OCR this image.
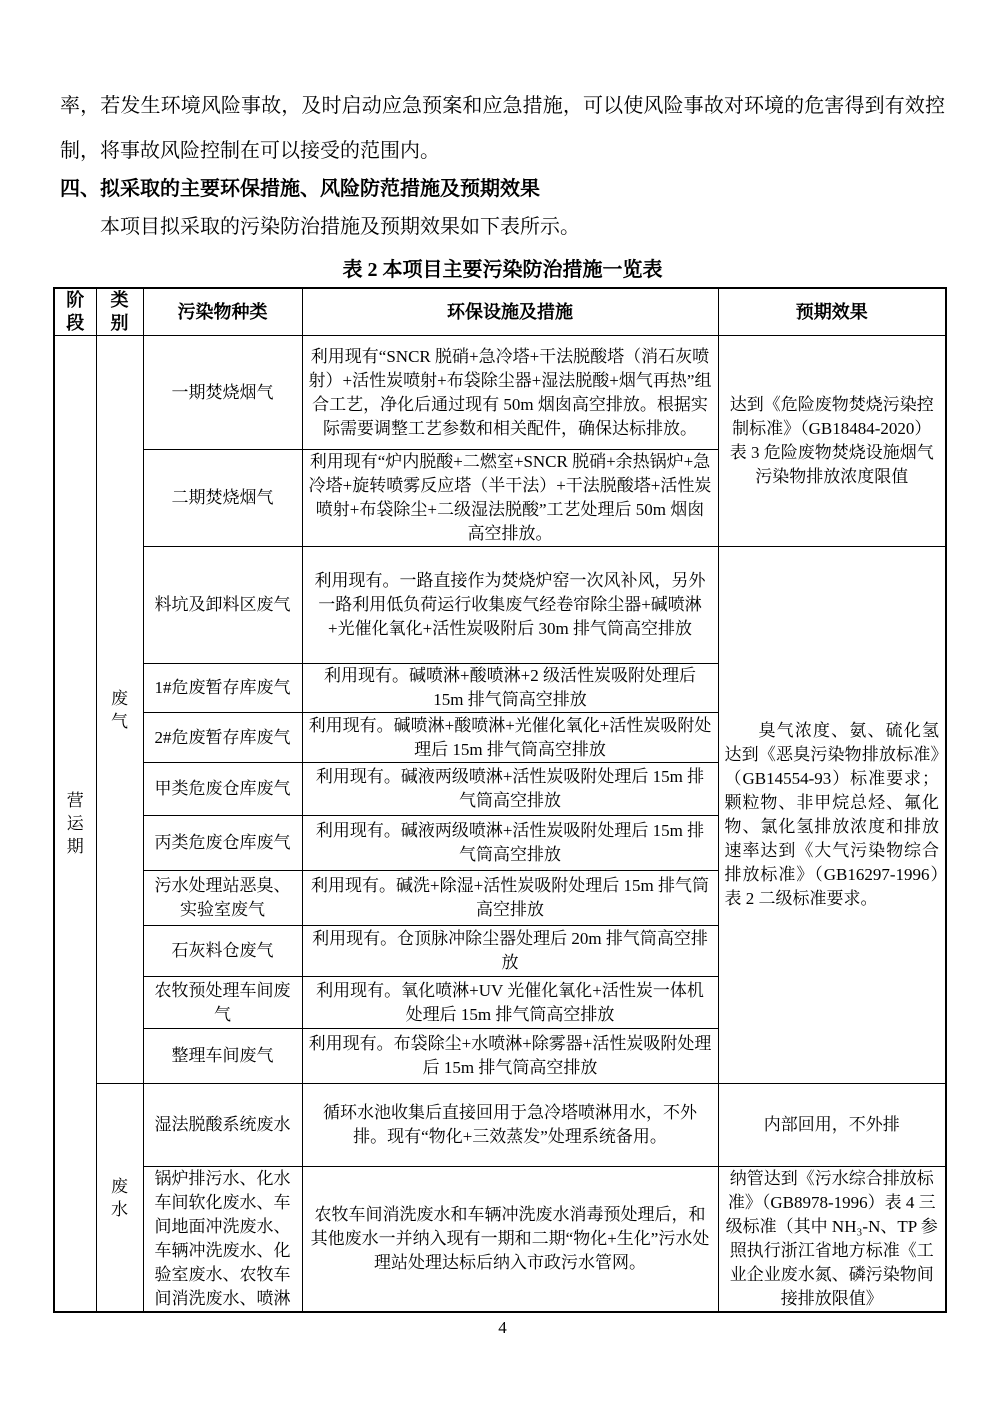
率，若发生环境风险事故，及时启动应急预案和应急措施，可以使风险事故对环境的危害得到有效控制，将事故风险控制在可以接受的范围内。

四、拟采取的主要环保措施、风险防范措施及预期效果

本项目拟采取的污染防治措施及预期效果如下表所示。

表 2 本项目主要污染防治措施一览表

阶段	类别	污染物种类	环保设施及措施	预期效果

营运期	废气	一期焚烧烟气	利用现有“SNCR 脱硝+急冷塔+干法脱酸塔（消石灰喷射）+活性炭喷射+布袋除尘器+湿法脱酸+烟气再热”组合工艺，净化后通过现有 50m 烟囱高空排放。根据实际需要调整工艺参数和相关配件，确保达标排放。	达到《危险废物焚烧污染控制标准》（GB18484-2020）表 3 危险废物焚烧设施烟气污染物排放浓度限值
		二期焚烧烟气	利用现有“炉内脱酸+二燃室+SNCR 脱硝+余热锅炉+急冷塔+旋转喷雾反应塔（半干法）+干法脱酸塔+活性炭喷射+布袋除尘+二级湿法脱酸”工艺处理后 50m 烟囱高空排放。	
		料坑及卸料区废气	利用现有。一路直接作为焚烧炉窑一次风补风，另外一路利用低负荷运行收集废气经卷帘除尘器+碱喷淋+光催化氧化+活性炭吸附后 30m 排气筒高空排放	臭气浓度、氨、硫化氢达到《恶臭污染物排放标准》（GB14554-93）标准要求；颗粒物、非甲烷总烃、氟化物、氯化氢排放浓度和排放速率达到《大气污染物综合排放标准》（GB16297-1996）表 2 二级标准要求。

		1#危废暂存库废气	利用现有。碱喷淋+酸喷淋+2 级活性炭吸附处理后 15m 排气筒高空排放	
		2#危废暂存库废气	利用现有。碱喷淋+酸喷淋+光催化氧化+活性炭吸附处理后 15m 排气筒高空排放	
		甲类危废仓库废气	利用现有。碱液两级喷淋+活性炭吸附处理后 15m 排气筒高空排放	
		丙类危废仓库废气	利用现有。碱液两级喷淋+活性炭吸附处理后 15m 排气筒高空排放	
		污水处理站恶臭、实验室废气	利用现有。碱洗+除湿+活性炭吸附处理后 15m 排气筒高空排放	
		石灰料仓废气	利用现有。仓顶脉冲除尘器处理后 20m 排气筒高空排放	
		农牧预处理车间废气	利用现有。氧化喷淋+UV 光催化氧化+活性炭一体机处理后 15m 排气筒高空排放	
		整理车间废气	利用现有。布袋除尘+水喷淋+除雾器+活性炭吸附处理后 15m 排气筒高空排放	

	废水	湿法脱酸系统废水	循环水池收集后直接回用于急冷塔喷淋用水，不外排。现有“物化+三效蒸发”处理系统备用。	内部回用，不外排
		锅炉排污水、化水车间软化废水、车间地面冲洗废水、车辆冲洗废水、化验室废水、农牧车间消洗废水、喷淋	农牧车间消洗废水和车辆冲洗废水消毒预处理后，和其他废水一并纳入现有一期和二期“物化+生化”污水处理站处理达标后纳入市政污水管网。	纳管达到《污水综合排放标准》（GB8978-1996）表 4 三级标准（其中 NH₃-N、TP 参照执行浙江省地方标准《工业企业废水氮、磷污染物间接排放限值》
4
